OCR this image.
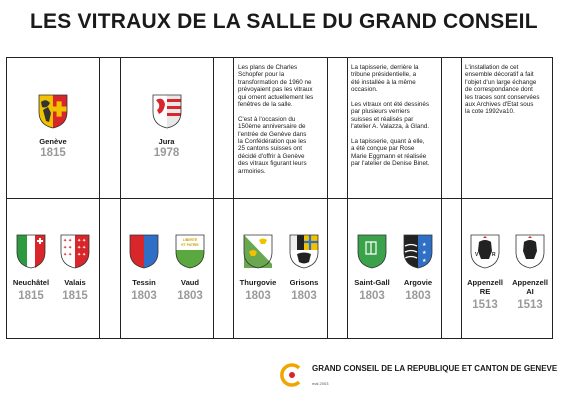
LES VITRAUX DE LA SALLE DU GRAND CONSEIL
Genève
1815
Jura
1978
Les plans de Charles
Schopfer pour la
transformation de 1960 ne
prévoyaient pas les vitraux
qui ornent actuellement les
fenêtres de la salle.

C'est à l'occasion du
150ème anniversaire de
l'entrée de Genève dans
la Confédération que les
25 cantons suisses ont
décidé d'offrir à Genève
des vitraux figurant leurs
armoiries.
La tapisserie, derrière la
tribune présidentielle, a
été installée à la même
occasion.

Les vitraux ont été dessinés
par plusieurs verriers
suisses et réalisés par
l'atelier A. Valazza, à Gland.

La tapisserie, quant à elle,
a été conçue par Rose
Marie Eggmann et réalisée
par l'atelier de Denise Binet.
L'installation de cet
ensemble décoratif a fait
l'objet d'un large échange
de correspondance dont
les traces sont conservées
aux Archives d'Etat sous
la cote 1992va10.
Neuchâtel
1815
✦ ✦
✦ ✦
✦ ✦
✦ ✦
✦ ✦
✦ ✦
Valais
1815
Tessin
1803
LIBERTÉ
ET PATRIE
Vaud
1803
Thurgovie
1803
Grisons
1803
Saint-Gall
1803
★
★
★
Argovie
1803
V	R
Appenzell
RE
1513
Appenzell
AI
1513
GRAND CONSEIL DE LA REPUBLIQUE ET CANTON DE GENEVE
mai 2003
